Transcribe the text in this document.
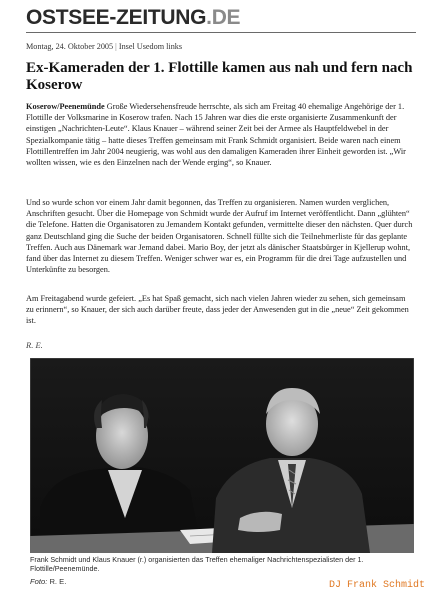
OSTSEE-ZEITUNG.DE
Montag, 24. Oktober 2005 | Insel Usedom links
Ex-Kameraden der 1. Flottille kamen aus nah und fern nach Koserow
Koserow/Peenemünde Große Wiedersehensfreude herrschte, als sich am Freitag 40 ehemalige Angehörige der 1. Flottille der Volksmarine in Koserow trafen. Nach 15 Jahren war dies die erste organisierte Zusammenkunft der einstigen „Nachrichten-Leute“. Klaus Knauer – während seiner Zeit bei der Armee als Hauptfeldwebel in der Spezialkompanie tätig – hatte dieses Treffen gemeinsam mit Frank Schmidt organisiert. Beide waren nach einem Flottillentreffen im Jahr 2004 neugierig, was wohl aus den damaligen Kameraden ihrer Einheit geworden ist. „Wir wollten wissen, wie es den Einzelnen nach der Wende erging“, so Knauer.
Und so wurde schon vor einem Jahr damit begonnen, das Treffen zu organisieren. Namen wurden verglichen, Anschriften gesucht. Über die Homepage von Schmidt wurde der Aufruf im Internet veröffentlicht. Dann „glühten“ die Telefone. Hatten die Organisatoren zu Jemandem Kontakt gefunden, vermittelte dieser den nächsten. Quer durch ganz Deutschland ging die Suche der beiden Organisatoren. Schnell füllte sich die Teilnehmerliste für das geplante Treffen. Auch aus Dänemark war Jemand dabei. Mario Boy, der jetzt als dänischer Staatsbürger in Kjellerup wohnt, fand über das Internet zu diesem Treffen. Weniger schwer war es, ein Programm für die drei Tage aufzustellen und Unterkünfte zu besorgen.
Am Freitagabend wurde gefeiert. „Es hat Spaß gemacht, sich nach vielen Jahren wieder zu sehen, sich gemeinsam zu erinnern“, so Knauer, der sich auch darüber freute, dass jeder der Anwesenden gut in die „neue“ Zeit gekommen ist.
R. E.
Frank Schmidt und Klaus Knauer (r.) organisierten das Treffen ehemaliger Nachrichtenspezialisten der 1. Flottille/Peenemünde.
Foto: R. E.	DJ Frank Schmidt
